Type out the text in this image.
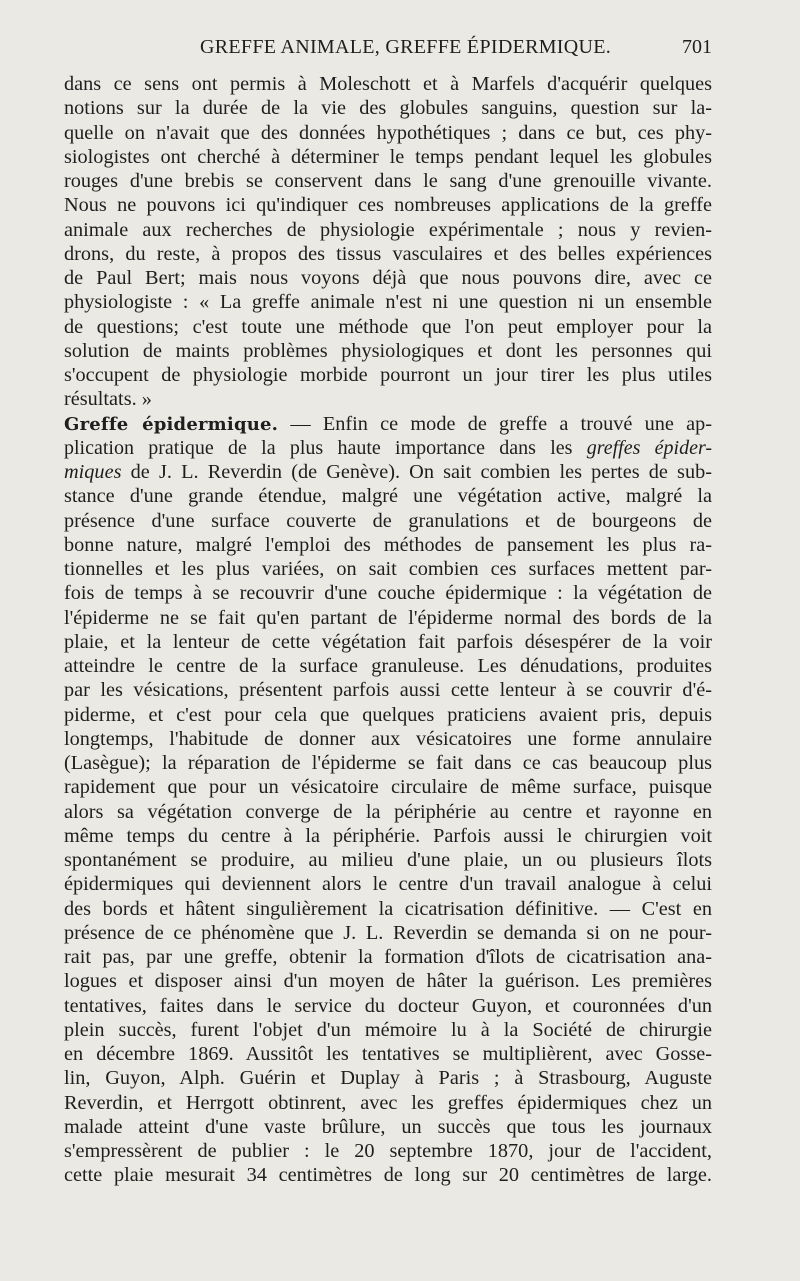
GREFFE ANIMALE, GREFFE ÉPIDERMIQUE.	701
dans ce sens ont permis à Moleschott et à Marfels d'acquérir quelques
notions sur la durée de la vie des globules sanguins, question sur la-
quelle on n'avait que des données hypothétiques ; dans ce but, ces phy-
siologistes ont cherché à déterminer le temps pendant lequel les globules
rouges d'une brebis se conservent dans le sang d'une grenouille vivante.
Nous ne pouvons ici qu'indiquer ces nombreuses applications de la greffe
animale aux recherches de physiologie expérimentale ; nous y revien-
drons, du reste, à propos des tissus vasculaires et des belles expériences
de Paul Bert; mais nous voyons déjà que nous pouvons dire, avec ce
physiologiste : « La greffe animale n'est ni une question ni un ensemble
de questions; c'est toute une méthode que l'on peut employer pour la
solution de maints problèmes physiologiques et dont les personnes qui
s'occupent de physiologie morbide pourront un jour tirer les plus utiles
résultats. »
Greffe épidermique. — Enfin ce mode de greffe a trouvé une ap-
plication pratique de la plus haute importance dans les greffes épider-
miques de J. L. Reverdin (de Genève). On sait combien les pertes de sub-
stance d'une grande étendue, malgré une végétation active, malgré la
présence d'une surface couverte de granulations et de bourgeons de
bonne nature, malgré l'emploi des méthodes de pansement les plus ra-
tionnelles et les plus variées, on sait combien ces surfaces mettent par-
fois de temps à se recouvrir d'une couche épidermique : la végétation de
l'épiderme ne se fait qu'en partant de l'épiderme normal des bords de la
plaie, et la lenteur de cette végétation fait parfois désespérer de la voir
atteindre le centre de la surface granuleuse. Les dénudations, produites
par les vésications, présentent parfois aussi cette lenteur à se couvrir d'é-
piderme, et c'est pour cela que quelques praticiens avaient pris, depuis
longtemps, l'habitude de donner aux vésicatoires une forme annulaire
(Lasègue); la réparation de l'épiderme se fait dans ce cas beaucoup plus
rapidement que pour un vésicatoire circulaire de même surface, puisque
alors sa végétation converge de la périphérie au centre et rayonne en
même temps du centre à la périphérie. Parfois aussi le chirurgien voit
spontanément se produire, au milieu d'une plaie, un ou plusieurs îlots
épidermiques qui deviennent alors le centre d'un travail analogue à celui
des bords et hâtent singulièrement la cicatrisation définitive. — C'est en
présence de ce phénomène que J. L. Reverdin se demanda si on ne pour-
rait pas, par une greffe, obtenir la formation d'îlots de cicatrisation ana-
logues et disposer ainsi d'un moyen de hâter la guérison. Les premières
tentatives, faites dans le service du docteur Guyon, et couronnées d'un
plein succès, furent l'objet d'un mémoire lu à la Société de chirurgie
en décembre 1869. Aussitôt les tentatives se multiplièrent, avec Gosse-
lin, Guyon, Alph. Guérin et Duplay à Paris ; à Strasbourg, Auguste
Reverdin, et Herrgott obtinrent, avec les greffes épidermiques chez un
malade atteint d'une vaste brûlure, un succès que tous les journaux
s'empressèrent de publier : le 20 septembre 1870, jour de l'accident,
cette plaie mesurait 34 centimètres de long sur 20 centimètres de large.
